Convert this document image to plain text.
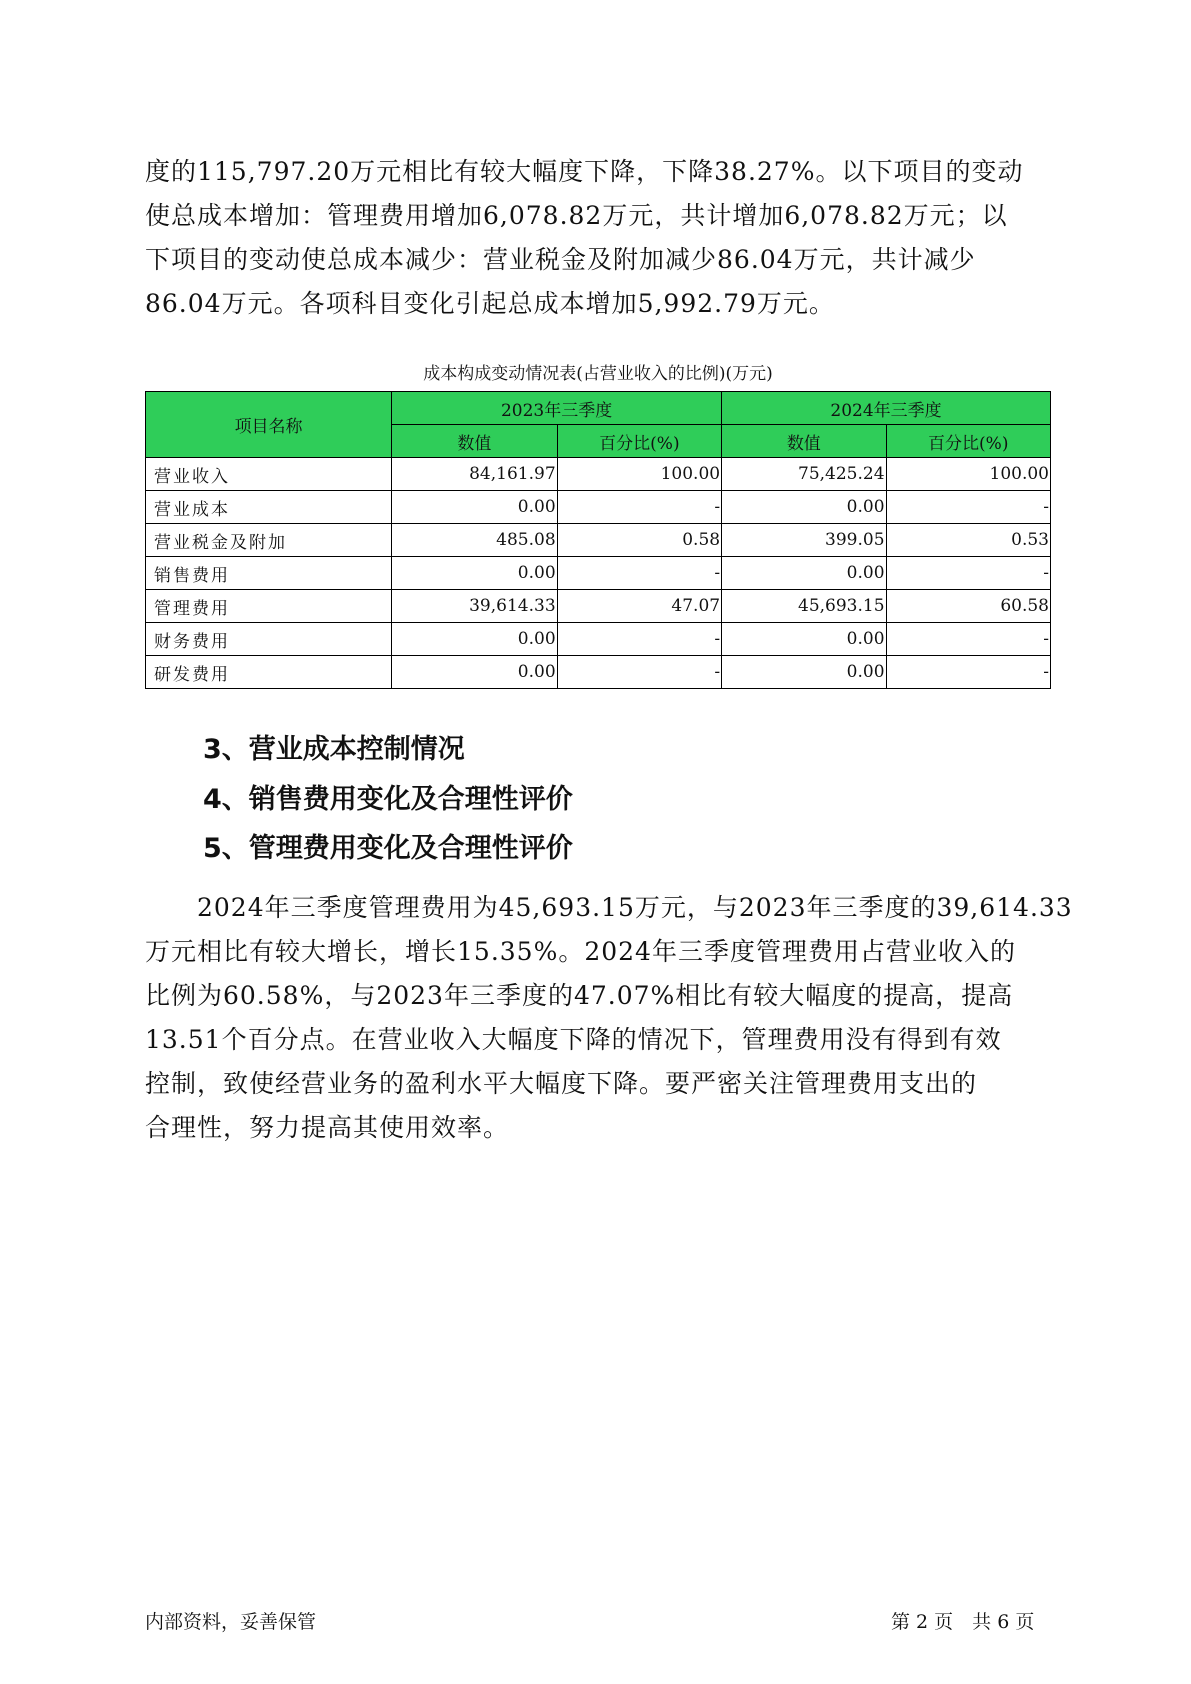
度的115,797.20万元相比有较大幅度下降，下降38.27%。以下项目的变动
使总成本增加：管理费用增加6,078.82万元，共计增加6,078.82万元；以
下项目的变动使总成本减少：营业税金及附加减少86.04万元，共计减少
86.04万元。各项科目变化引起总成本增加5,992.79万元。

成本构成变动情况表(占营业收入的比例)(万元)
项目名称	2023年三季度		2024年三季度	
	数值	百分比(%)	数值	百分比(%)
营业收入	84,161.97	100.00	75,425.24	100.00
营业成本	0.00	-	0.00	-
营业税金及附加	485.08	0.58	399.05	0.53
销售费用	0.00	-	0.00	-
管理费用	39,614.33	47.07	45,693.15	60.58
财务费用	0.00	-	0.00	-
研发费用	0.00	-	0.00	-
3、营业成本控制情况
4、销售费用变化及合理性评价
5、管理费用变化及合理性评价

　　2024年三季度管理费用为45,693.15万元，与2023年三季度的39,614.33
万元相比有较大增长，增长15.35%。2024年三季度管理费用占营业收入的
比例为60.58%，与2023年三季度的47.07%相比有较大幅度的提高，提高
13.51个百分点。在营业收入大幅度下降的情况下，管理费用没有得到有效
控制，致使经营业务的盈利水平大幅度下降。要严密关注管理费用支出的
合理性，努力提高其使用效率。

内部资料，妥善保管	第 2 页　共 6 页
